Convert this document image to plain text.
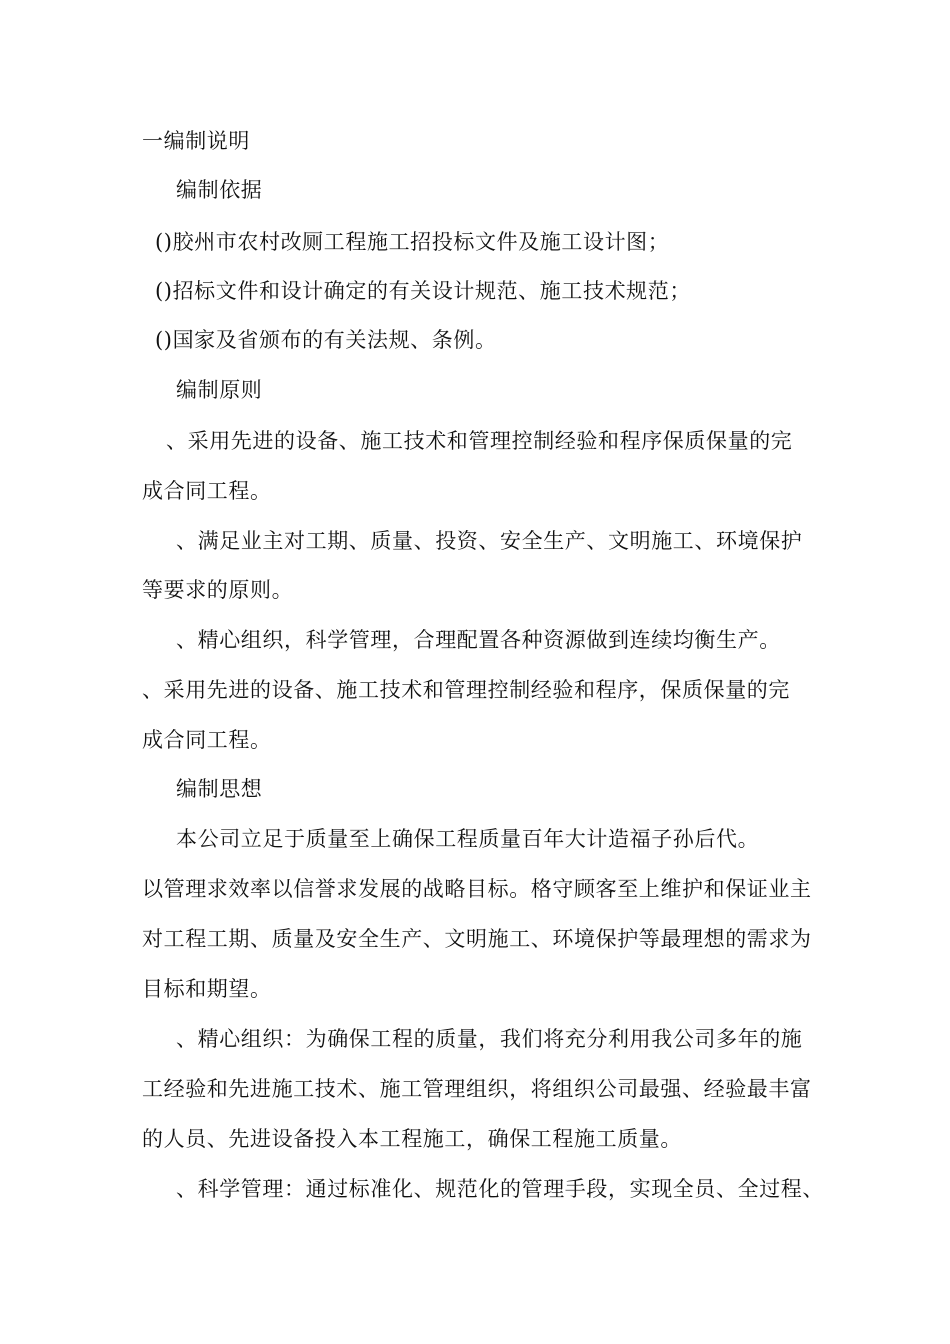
一编制说明
编制依据
()胶州市农村改厕工程施工招投标文件及施工设计图；
()招标文件和设计确定的有关设计规范、施工技术规范；
()国家及省颁布的有关法规、条例。
编制原则
、采用先进的设备、施工技术和管理控制经验和程序保质保量的完
成合同工程。
、满足业主对工期、质量、投资、安全生产、文明施工、环境保护
等要求的原则。
、精心组织，科学管理，合理配置各种资源做到连续均衡生产。
、采用先进的设备、施工技术和管理控制经验和程序，保质保量的完
成合同工程。
编制思想
本公司立足于质量至上确保工程质量百年大计造福子孙后代。
以管理求效率以信誉求发展的战略目标。格守顾客至上维护和保证业主
对工程工期、质量及安全生产、文明施工、环境保护等最理想的需求为
目标和期望。
、精心组织：为确保工程的质量，我们将充分利用我公司多年的施
工经验和先进施工技术、施工管理组织，将组织公司最强、经验最丰富
的人员、先进设备投入本工程施工，确保工程施工质量。
、科学管理：通过标准化、规范化的管理手段，实现全员、全过程、
